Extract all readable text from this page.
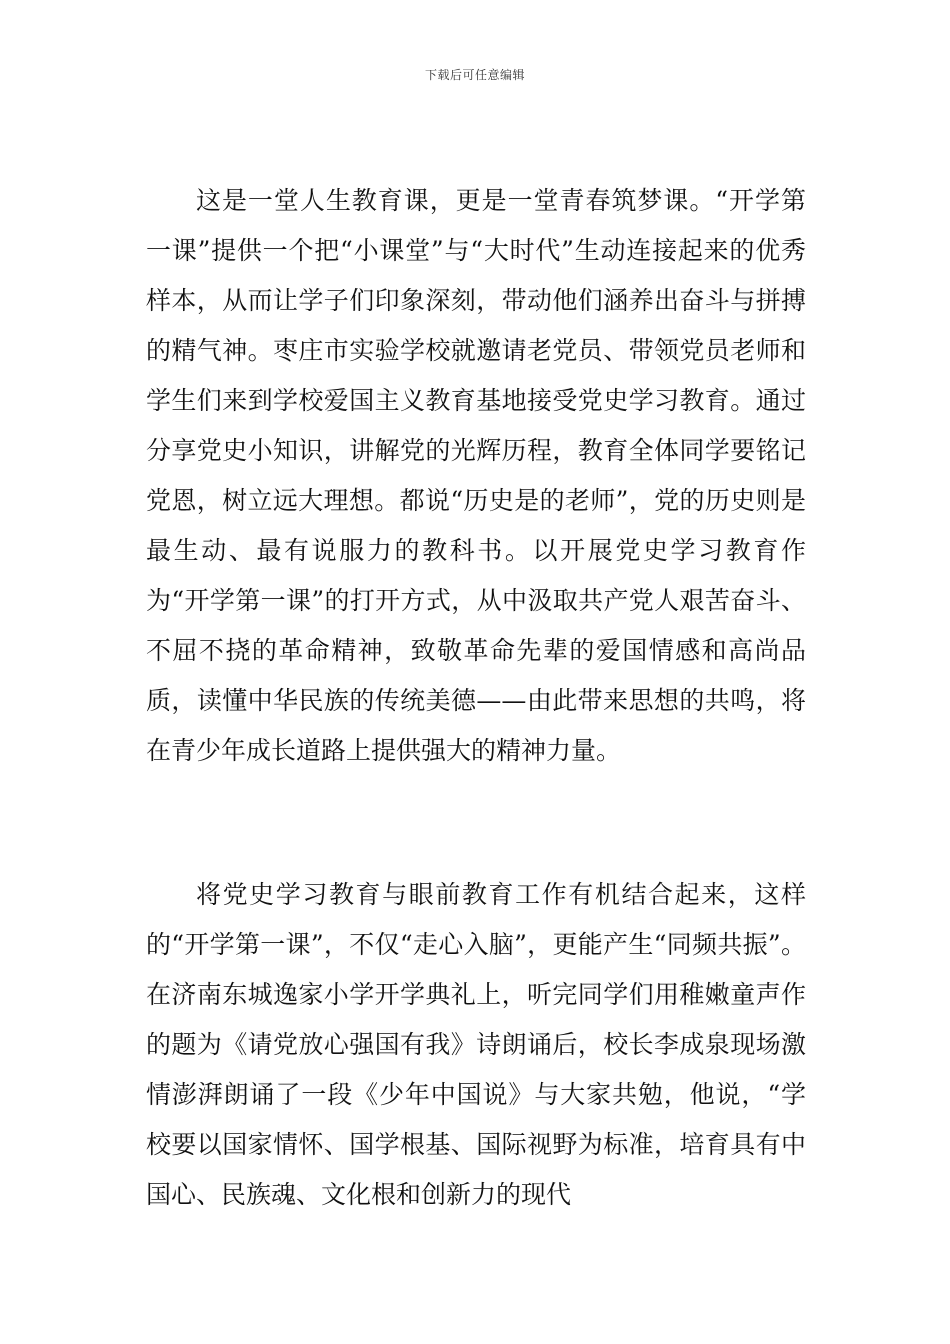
下载后可任意编辑

这是一堂人生教育课，更是一堂青春筑梦课。“开学第一课”提供一个把“小课堂”与“大时代”生动连接起来的优秀样本，从而让学子们印象深刻，带动他们涵养出奋斗与拼搏的精气神。枣庄市实验学校就邀请老党员、带领党员老师和学生们来到学校爱国主义教育基地接受党史学习教育。通过分享党史小知识，讲解党的光辉历程，教育全体同学要铭记党恩，树立远大理想。都说“历史是的老师”，党的历史则是最生动、最有说服力的教科书。以开展党史学习教育作为“开学第一课”的打开方式，从中汲取共产党人艰苦奋斗、不屈不挠的革命精神，致敬革命先辈的爱国情感和高尚品质，读懂中华民族的传统美德——由此带来思想的共鸣，将在青少年成长道路上提供强大的精神力量。

将党史学习教育与眼前教育工作有机结合起来，这样的“开学第一课”，不仅“走心入脑”，更能产生“同频共振”。在济南东城逸家小学开学典礼上，听完同学们用稚嫩童声作的题为《请党放心强国有我》诗朗诵后，校长李成泉现场激情澎湃朗诵了一段《少年中国说》与大家共勉，他说，“学校要以国家情怀、国学根基、国际视野为标准，培育具有中国心、民族魂、文化根和创新力的现代
